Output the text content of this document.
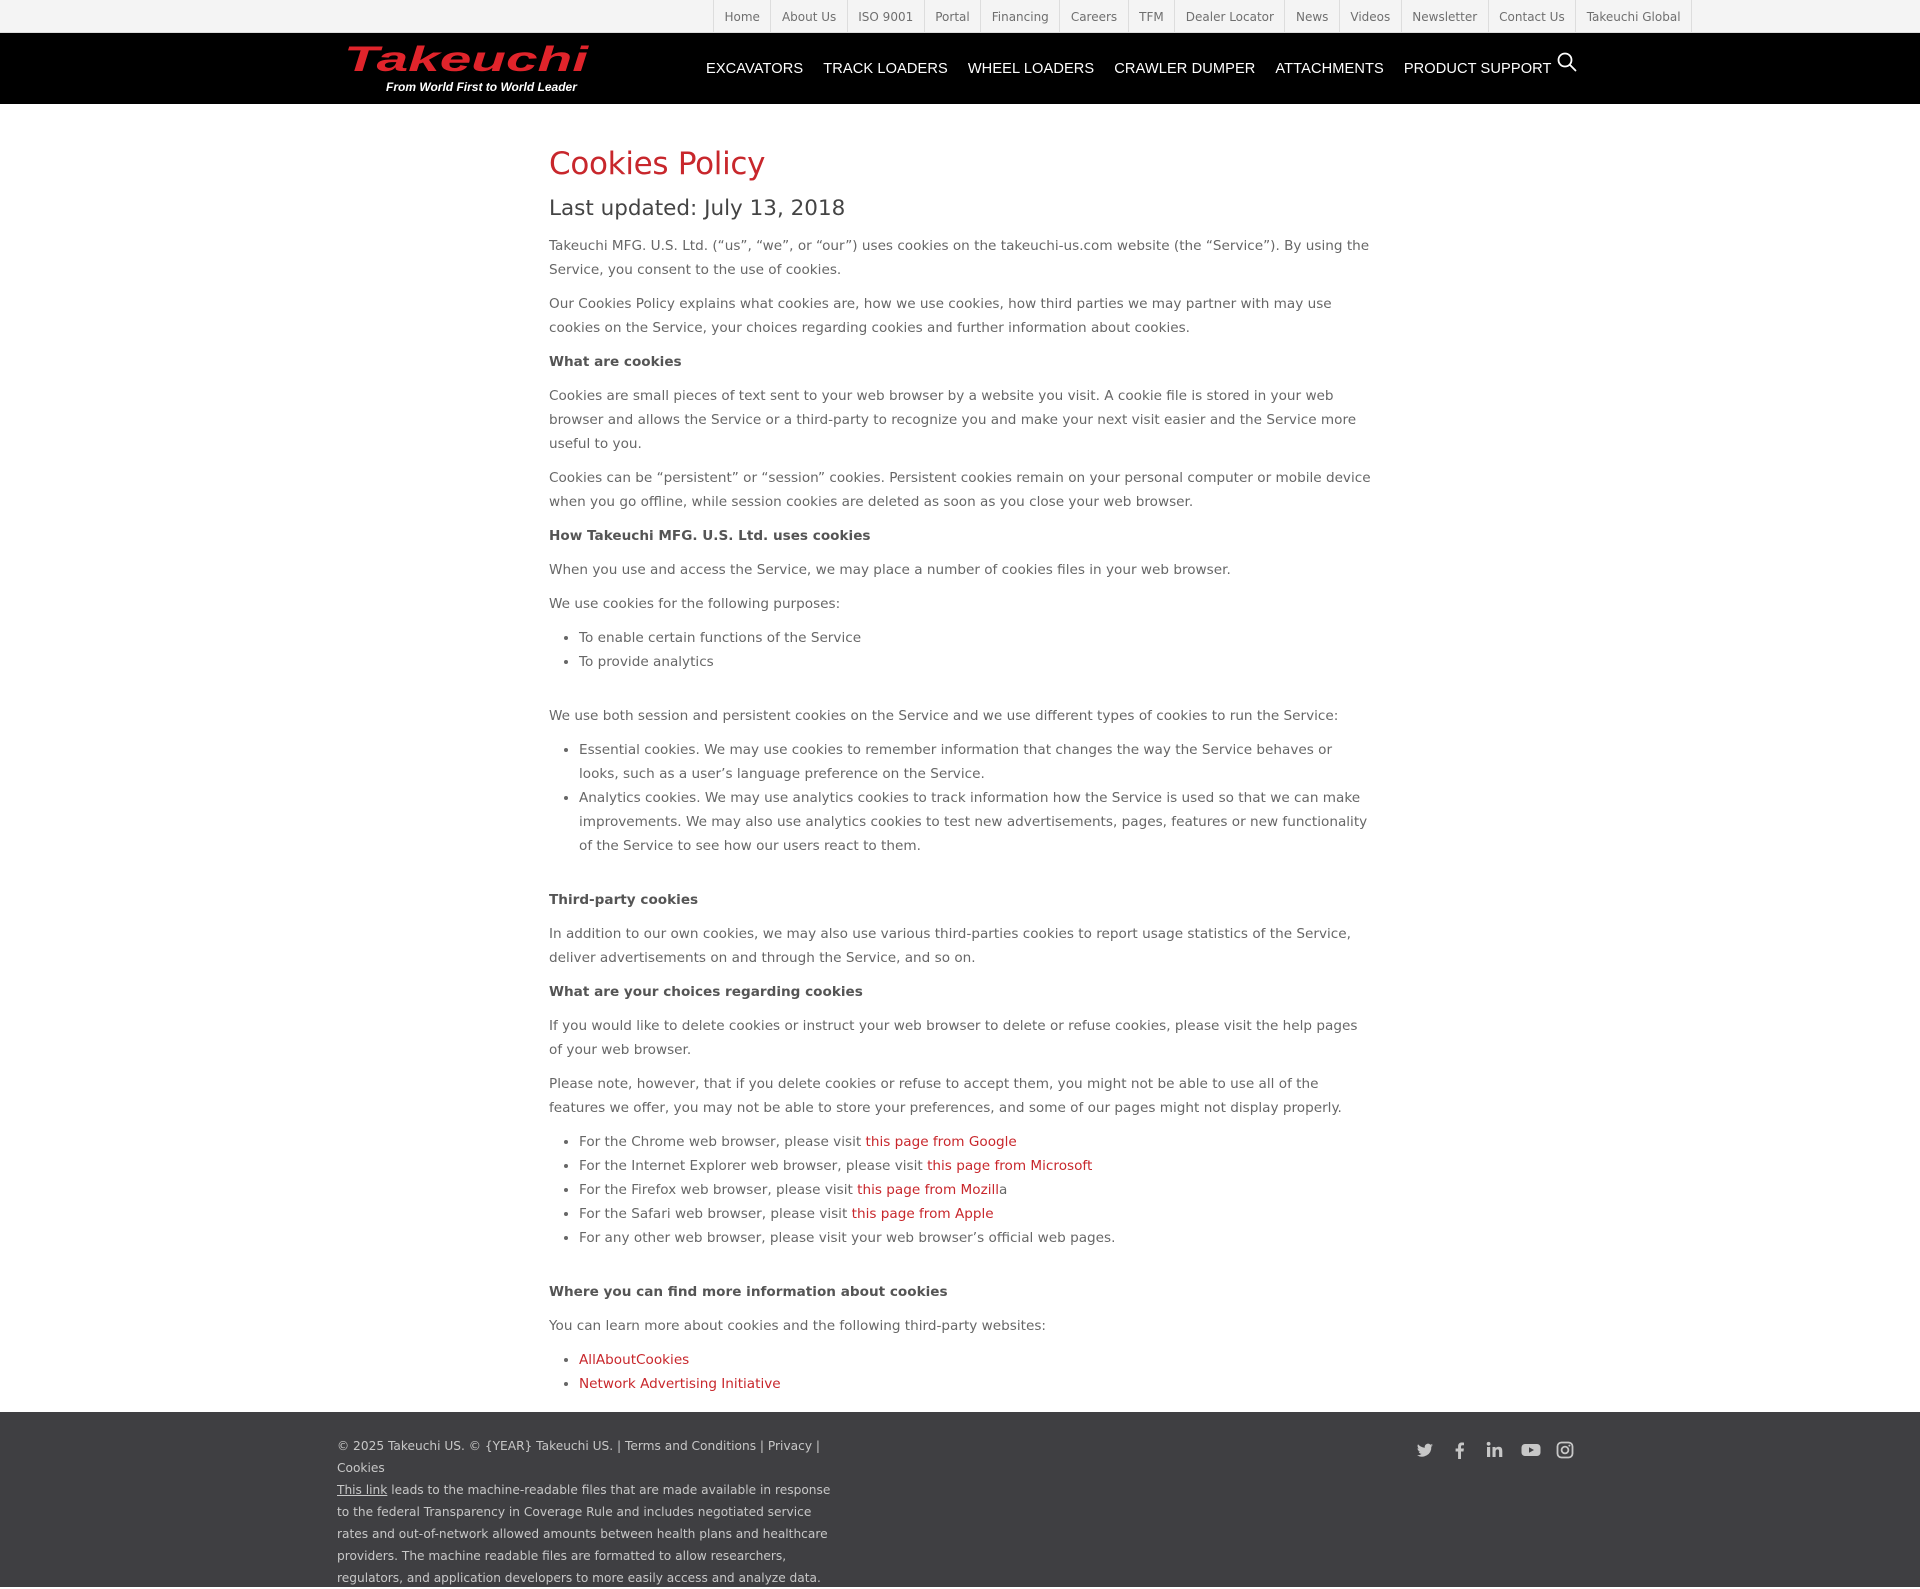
Home	About Us	ISO 9001	Portal	Financing	Careers	TFM	Dealer Locator	News	Videos	Newsletter	Contact Us	Takeuchi Global
Takeuchi
From World First to World Leader
EXCAVATORS	TRACK LOADERS	WHEEL LOADERS	CRAWLER DUMPER	ATTACHMENTS	PRODUCT SUPPORT
Cookies Policy
Last updated: July 13, 2018

Takeuchi MFG. U.S. Ltd. (“us”, “we”, or “our”) uses cookies on the takeuchi-us.com website (the “Service”). By using the Service, you consent to the use of cookies.

Our Cookies Policy explains what cookies are, how we use cookies, how third parties we may partner with may use cookies on the Service, your choices regarding cookies and further information about cookies.

What are cookies

Cookies are small pieces of text sent to your web browser by a website you visit. A cookie file is stored in your web browser and allows the Service or a third-party to recognize you and make your next visit easier and the Service more useful to you.

Cookies can be “persistent” or “session” cookies. Persistent cookies remain on your personal computer or mobile device when you go offline, while session cookies are deleted as soon as you close your web browser.

How Takeuchi MFG. U.S. Ltd. uses cookies

When you use and access the Service, we may place a number of cookies files in your web browser.

We use cookies for the following purposes:

• To enable certain functions of the Service
• To provide analytics

We use both session and persistent cookies on the Service and we use different types of cookies to run the Service:

• Essential cookies. We may use cookies to remember information that changes the way the Service behaves or looks, such as a user’s language preference on the Service.
• Analytics cookies. We may use analytics cookies to track information how the Service is used so that we can make improvements. We may also use analytics cookies to test new advertisements, pages, features or new functionality of the Service to see how our users react to them.

Third-party cookies

In addition to our own cookies, we may also use various third-parties cookies to report usage statistics of the Service, deliver advertisements on and through the Service, and so on.

What are your choices regarding cookies

If you would like to delete cookies or instruct your web browser to delete or refuse cookies, please visit the help pages of your web browser.

Please note, however, that if you delete cookies or refuse to accept them, you might not be able to use all of the features we offer, you may not be able to store your preferences, and some of our pages might not display properly.

• For the Chrome web browser, please visit this page from Google
• For the Internet Explorer web browser, please visit this page from Microsoft
• For the Firefox web browser, please visit this page from Mozilla
• For the Safari web browser, please visit this page from Apple
• For any other web browser, please visit your web browser’s official web pages.

Where you can find more information about cookies

You can learn more about cookies and the following third-party websites:

• AllAboutCookies
• Network Advertising Initiative
© 2025 Takeuchi US. © {YEAR} Takeuchi US. | Terms and Conditions | Privacy | Cookies
This link leads to the machine-readable files that are made available in response to the federal Transparency in Coverage Rule and includes negotiated service rates and out-of-network allowed amounts between health plans and healthcare providers. The machine readable files are formatted to allow researchers, regulators, and application developers to more easily access and analyze data.
